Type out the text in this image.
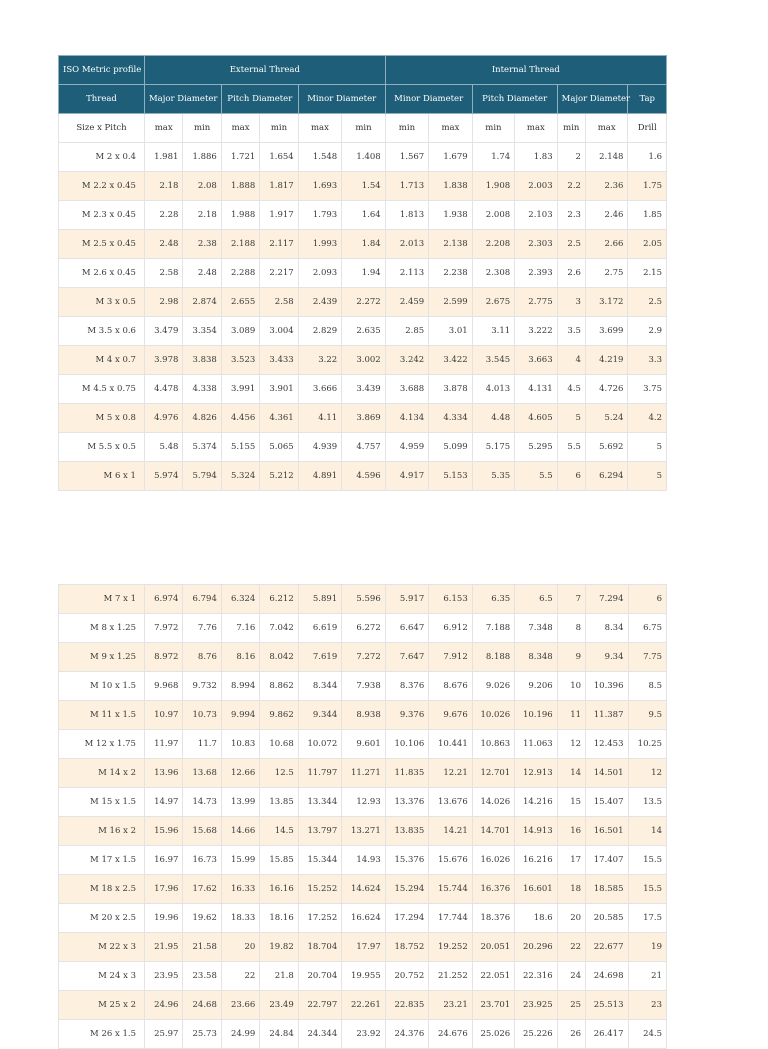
ISO Metric profile	External Thread						Internal Thread						
Thread	Major Diameter		Pitch Diameter		Minor Diameter		Minor Diameter		Pitch Diameter		Major Diameter		Tap
Size x Pitch	max	min	max	min	max	min	min	max	min	max	min	max	Drill
M 2 x 0.4	1.981	1.886	1.721	1.654	1.548	1.408	1.567	1.679	1.74	1.83	2	2.148	1.6
M 2.2 x 0.45	2.18	2.08	1.888	1.817	1.693	1.54	1.713	1.838	1.908	2.003	2.2	2.36	1.75
M 2.3 x 0.45	2.28	2.18	1.988	1.917	1.793	1.64	1.813	1.938	2.008	2.103	2.3	2.46	1.85
M 2.5 x 0.45	2.48	2.38	2.188	2.117	1.993	1.84	2.013	2.138	2.208	2.303	2.5	2.66	2.05
M 2.6 x 0.45	2.58	2.48	2.288	2.217	2.093	1.94	2.113	2.238	2.308	2.393	2.6	2.75	2.15
M 3 x 0.5	2.98	2.874	2.655	2.58	2.439	2.272	2.459	2.599	2.675	2.775	3	3.172	2.5
M 3.5 x 0.6	3.479	3.354	3.089	3.004	2.829	2.635	2.85	3.01	3.11	3.222	3.5	3.699	2.9
M 4 x 0.7	3.978	3.838	3.523	3.433	3.22	3.002	3.242	3.422	3.545	3.663	4	4.219	3.3
M 4.5 x 0.75	4.478	4.338	3.991	3.901	3.666	3.439	3.688	3.878	4.013	4.131	4.5	4.726	3.75
M 5 x 0.8	4.976	4.826	4.456	4.361	4.11	3.869	4.134	4.334	4.48	4.605	5	5.24	4.2
M 5.5 x 0.5	5.48	5.374	5.155	5.065	4.939	4.757	4.959	5.099	5.175	5.295	5.5	5.692	5
M 6 x 1	5.974	5.794	5.324	5.212	4.891	4.596	4.917	5.153	5.35	5.5	6	6.294	5
M 7 x 1	6.974	6.794	6.324	6.212	5.891	5.596	5.917	6.153	6.35	6.5	7	7.294	6
M 8 x 1.25	7.972	7.76	7.16	7.042	6.619	6.272	6.647	6.912	7.188	7.348	8	8.34	6.75
M 9 x 1.25	8.972	8.76	8.16	8.042	7.619	7.272	7.647	7.912	8.188	8.348	9	9.34	7.75
M 10 x 1.5	9.968	9.732	8.994	8.862	8.344	7.938	8.376	8.676	9.026	9.206	10	10.396	8.5
M 11 x 1.5	10.97	10.73	9.994	9.862	9.344	8.938	9.376	9.676	10.026	10.196	11	11.387	9.5
M 12 x 1.75	11.97	11.7	10.83	10.68	10.072	9.601	10.106	10.441	10.863	11.063	12	12.453	10.25
M 14 x 2	13.96	13.68	12.66	12.5	11.797	11.271	11.835	12.21	12.701	12.913	14	14.501	12
M 15 x 1.5	14.97	14.73	13.99	13.85	13.344	12.93	13.376	13.676	14.026	14.216	15	15.407	13.5
M 16 x 2	15.96	15.68	14.66	14.5	13.797	13.271	13.835	14.21	14.701	14.913	16	16.501	14
M 17 x 1.5	16.97	16.73	15.99	15.85	15.344	14.93	15.376	15.676	16.026	16.216	17	17.407	15.5
M 18 x 2.5	17.96	17.62	16.33	16.16	15.252	14.624	15.294	15.744	16.376	16.601	18	18.585	15.5
M 20 x 2.5	19.96	19.62	18.33	18.16	17.252	16.624	17.294	17.744	18.376	18.6	20	20.585	17.5
M 22 x 3	21.95	21.58	20	19.82	18.704	17.97	18.752	19.252	20.051	20.296	22	22.677	19
M 24 x 3	23.95	23.58	22	21.8	20.704	19.955	20.752	21.252	22.051	22.316	24	24.698	21
M 25 x 2	24.96	24.68	23.66	23.49	22.797	22.261	22.835	23.21	23.701	23.925	25	25.513	23
M 26 x 1.5	25.97	25.73	24.99	24.84	24.344	23.92	24.376	24.676	25.026	25.226	26	26.417	24.5
